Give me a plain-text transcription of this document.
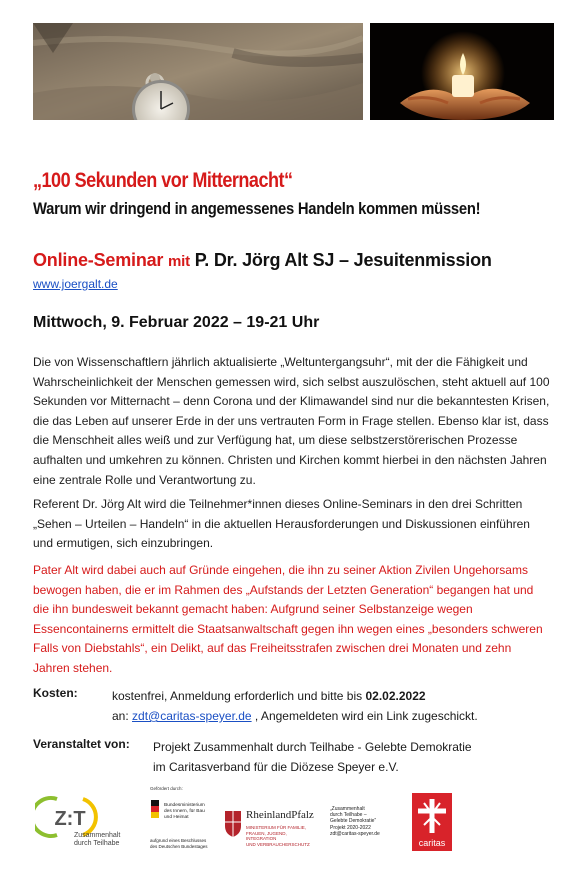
„100 Sekunden vor Mitternacht“
Warum wir dringend in angemessenes Handeln kommen müssen!
Online-Seminar mit P. Dr. Jörg Alt SJ – Jesuitenmission
www.joergalt.de
Mittwoch, 9. Februar 2022 – 19-21 Uhr
Die von Wissenschaftlern jährlich aktualisierte „Weltuntergangsuhr“, mit der die Fähigkeit und Wahrscheinlichkeit der Menschen gemessen wird, sich selbst auszulöschen, steht aktuell auf 100 Sekunden vor Mitternacht – denn Corona und der Klimawandel sind nur die bekanntesten Krisen, die das Leben auf unserer Erde in der uns vertrauten Form in Frage stellen. Ebenso klar ist, dass die Menschheit alles weiß und zur Verfügung hat, um diese selbstzerstörerischen Prozesse aufhalten und umkehren zu können. Christen und Kirchen kommt hierbei in den nächsten Jahren eine zentrale Rolle und Verantwortung zu.
Referent Dr. Jörg Alt wird die Teilnehmer*innen dieses Online-Seminars in den drei Schritten „Sehen – Urteilen – Handeln“ in die aktuellen Herausforderungen und Diskussionen einführen und ermutigen, sich einzubringen.
Pater Alt wird dabei auch auf Gründe eingehen, die ihn zu seiner Aktion Zivilen Ungehorsams bewogen haben, die er im Rahmen des „Aufstands der Letzten Generation“ begangen hat und die ihn bundesweit bekannt gemacht haben: Aufgrund seiner Selbstanzeige wegen Essencontainerns ermittelt die Staatsanwaltschaft gegen ihn wegen eines „besonders schweren Falls von Diebstahls“, ein Delikt, auf das Freiheitsstrafen zwischen drei Monaten und zehn Jahren stehen.
Kosten:	kostenfrei, Anmeldung erforderlich und bitte bis 02.02.2022
an: zdt@caritas-speyer.de , Angemeldeten wird ein Link zugeschickt.
Veranstaltet von: Projekt Zusammenhalt durch Teilhabe - Gelebte Demokratie
im Caritasverband für die Diözese Speyer e.V.
Z:T
Zusammenhalt
durch Teilhabe
Gefördert durch:
Bundesministerium
des Innern, für Bau
und Heimat
aufgrund eines Beschlusses
des Deutschen Bundestages
RheinlandPfalz
MINISTERIUM FÜR FAMILIE,
FRAUEN, JUGEND, INTEGRATION
UND VERBRAUCHERSCHUTZ
„Zusammenhalt
durch Teilhabe –
Gelebte Demokratie“
Projekt 2020-2022
zdt@caritas-speyer.de
caritas
